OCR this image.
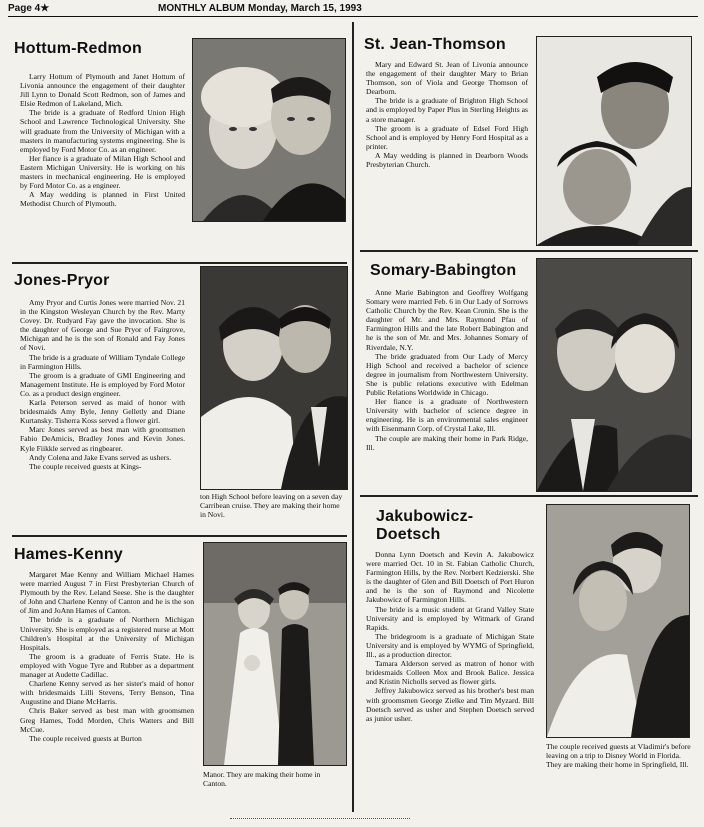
Page 4★	MONTHLY ALBUM Monday, March 15, 1993
Hottum-Redmon

Larry Hottum of Plymouth and Janet Hottum of Livonia announce the engagement of their daughter Jill Lynn to Donald Scott Redmon, son of James and Elsie Redmon of Lakeland, Mich.

The bride is a graduate of Redford Union High School and Lawrence Technological University. She will graduate from the University of Michigan with a masters in manufacturing systems engineering. She is employed by Ford Motor Co. as an engineer.

Her fiance is a graduate of Milan High School and Eastern Michigan University. He is working on his masters in mechanical engineering. He is employed by Ford Motor Co. as a engineer.

A May wedding is planned in First United Methodist Church of Plymouth.

St. Jean-Thomson

Mary and Edward St. Jean of Livonia announce the engagement of their daughter Mary to Brian Thomson, son of Viola and George Thomson of Dearborn.

The bride is a graduate of Brighton High School and is employed by Paper Plus in Sterling Heights as a store manager.

The groom is a graduate of Edsel Ford High School and is employed by Henry Ford Hospital as a printer.

A May wedding is planned in Dearborn Woods Presbyterian Church.

Jones-Pryor

Amy Pryor and Curtis Jones were married Nov. 21 in the Kingston Wesleyan Church by the Rev. Marty Covey. Dr. Rudyard Fay gave the invocation. She is the daughter of George and Sue Pryor of Fairgrove, Michigan and he is the son of Ronald and Fay Jones of Novi.

The bride is a graduate of William Tyndale College in Farmington Hills.

The groom is a graduate of GMI Engineering and Management Institute. He is employed by Ford Motor Co. as a product design engineer.

Karla Peterson served as maid of honor with bridesmaids Amy Byle, Jenny Gelletly and Diane Kurtansky. Tisherra Koss served a flower girl.

Marc Jones served as best man with groomsmen Fabio DeAmicis, Bradley Jones and Kevin Jones. Kyle Fiikkle served as ringbearer.

Andy Colena and Jake Evans served as ushers.

The couple received guests at Kings-

ton High School before leaving on a seven day Carribean cruise. They are making their home in Novi.
Somary-Babington

Anne Marie Babington and Geoffrey Wolfgang Somary were married Feb. 6 in Our Lady of Sorrows Catholic Church by the Rev. Kean Cronin. She is the daughter of Mr. and Mrs. Raymond Pfau of Farmington Hills and the late Robert Babington and he is the son of Mr. and Mrs. Johannes Somary of Riverdale, N.Y.

The bride graduated from Our Lady of Mercy High School and received a bachelor of science degree in journalism from Northwestern University. She is public relations executive with Edelman Public Relations Worldwide in Chicago.

Her fiance is a graduate of Northwestern University with bachelor of science degree in engineering. He is an environmental sales engineer with Eisenmann Corp. of Crystal Lake, Ill.

The couple are making their home in Park Ridge, Ill.

Hames-Kenny

Margaret Mae Kenny and William Michael Hames were married August 7 in First Presbyterian Church of Plymouth by the Rev. Leland Seese. She is the daughter of John and Charlene Kenny of Canton and he is the son of Jim and JoAnn Hames of Canton.

The bride is a graduate of Northern Michigan University. She is employed as a registered nurse at Mott Children's Hospital at the University of Michigan Hospitals.

The groom is a graduate of Ferris State. He is employed with Vogue Tyre and Rubber as a department manager at Audette Cadillac.

Charlene Kenny served as her sister's maid of honor with bridesmaids Lilli Stevens, Terry Benson, Tina Augustine and Diane McHarris.

Chris Baker served as best man with groomsmen Greg Hames, Todd Morden, Chris Watters and Bill McCue.

The couple received guests at Burton

Manor. They are making their home in Canton.
Jakubowicz-
Doetsch

Donna Lynn Doetsch and Kevin A. Jakubowicz were married Oct. 10 in St. Fabian Catholic Church, Farmington Hills, by the Rev. Norbert Kedzierski. She is the daughter of Glen and Bill Doetsch of Port Huron and he is the son of Raymond and Nicolette Jakubowicz of Farmington Hills.

The bride is a music student at Grand Valley State University and is employed by Witmark of Grand Rapids.

The bridegroom is a graduate of Michigan State University and is employed by WYMG of Springfield, Ill., as a production director.

Tamara Alderson served as matron of honor with bridesmaids Colleen Mox and Brook Balice. Jessica and Kristin Nicholls served as flower girls.

Jeffrey Jakubowicz served as his brother's best man with groomsmen George Zielke and Tim Myzard. Bill Doetsch served as usher and Stephen Doetsch served as junior usher.

The couple received guests at Vladimir's before leaving on a trip to Disney World in Florida. They are making their home in Springfield, Ill.
